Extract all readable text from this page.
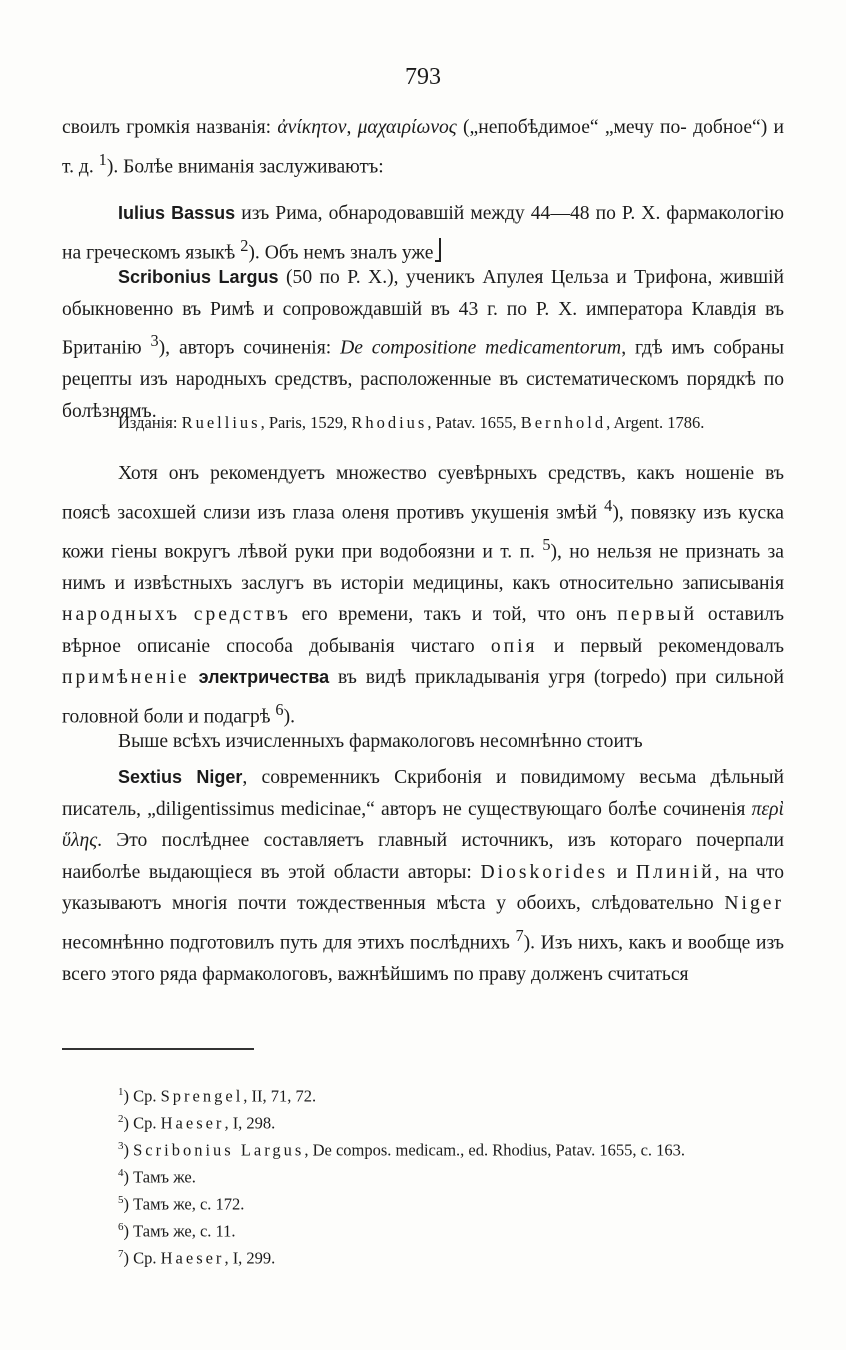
793

своилъ громкія названія: ἀνίκητον, μαχαιρίωνος („непобѣдимое“ „мечу по- добное“) и т. д. $^1$). Болѣе вниманія заслуживаютъ:

Iulius Bassus изъ Рима, обнародовавшій между 44—48 по Р. X. фармакологію на греческомъ языкѣ $^2$). Объ немъ зналъ уже

Scribonius Largus (50 по Р. X.), ученикъ Апулея Цельза и Трифона, жившій обыкновенно въ Римѣ и сопровождавшій въ 43 г. по Р. X. императора Клавдія въ Британію $^3$), авторъ сочиненія: De compositione medicamentorum, гдѣ имъ собраны рецепты изъ народныхъ средствъ, расположенные въ систематическомъ порядкѣ по болѣзнямъ.

Изданія: Ruellius, Paris, 1529, Rhodius, Patav. 1655, Bernhold, Argent. 1786.

Хотя онъ рекомендуетъ множество суевѣрныхъ средствъ, какъ ношеніе въ поясѣ засохшей слизи изъ глаза оленя противъ укушенія змѣй $^4$), повязку изъ куска кожи гіены вокругъ лѣвой руки при водобоязни и т. п. $^5$), но нельзя не признать за нимъ и извѣстныхъ заслугъ въ исторіи медицины, какъ относительно записыванія народныхъ средствъ его времени, такъ и той, что онъ первый оставилъ вѣрное описаніе способа добыванія чистаго опія и первый рекомендовалъ примѣненіе электричества въ видѣ прикладыванія угря (torpedo) при сильной головной боли и подагрѣ $^6$).

Выше всѣхъ изчисленныхъ фармакологовъ несомнѣнно стоитъ

Sextius Niger, современникъ Скрибонія и повидимому весьма дѣльный писатель, „diligentissimus medicinae,“ авторъ не существующаго болѣе сочиненія περὶ ὕλης. Это послѣднее составляетъ главный источникъ, изъ котораго почерпали наиболѣе выдающіеся въ этой области авторы: Dioskorides и Плиній, на что указываютъ многія почти тождественныя мѣста у обоихъ, слѣдовательно Niger несомнѣнно подготовилъ путь для этихъ послѣднихъ $^7$). Изъ нихъ, какъ и вообще изъ всего этого ряда фармакологовъ, важнѣйшимъ по праву долженъ считаться

$^1$) Ср. Sprengel, II, 71, 72.
$^2$) Ср. Haeser, I, 298.
$^3$) Scribonius Largus, De compos. medicam., ed. Rhodius, Patav. 1655, c. 163.
$^4$) Тамъ же.
$^5$) Тамъ же, с. 172.
$^6$) Тамъ же, с. 11.
$^7$) Ср. Haeser, I, 299.
